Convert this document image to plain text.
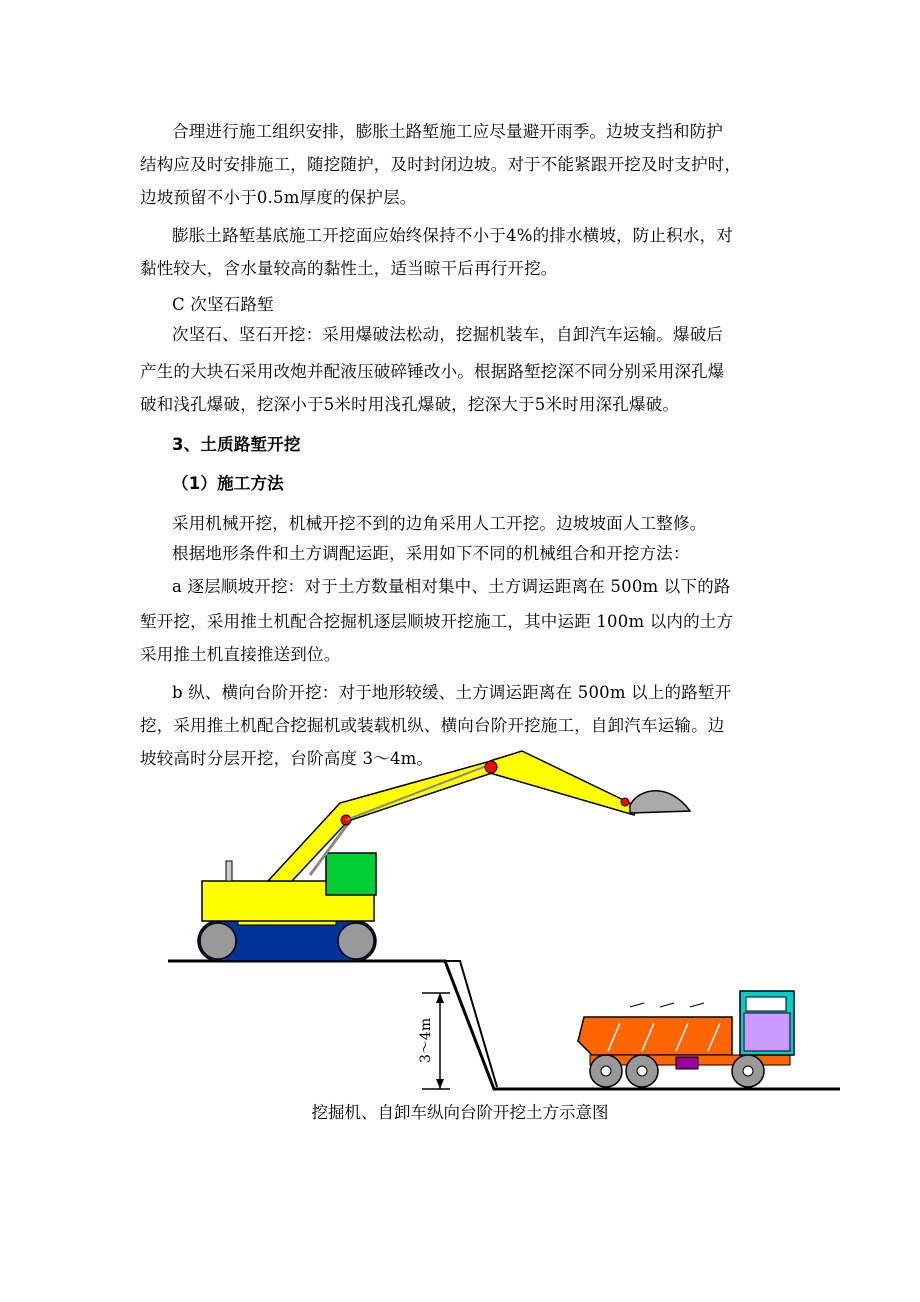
合理进行施工组织安排，膨胀土路堑施工应尽量避开雨季。边坡支挡和防护
结构应及时安排施工，随挖随护，及时封闭边坡。对于不能紧跟开挖及时支护时，
边坡预留不小于0.5m厚度的保护层。
膨胀土路堑基底施工开挖面应始终保持不小于4%的排水横坡，防止积水，对
黏性较大，含水量较高的黏性土，适当晾干后再行开挖。
C 次坚石路堑
次坚石、坚石开挖：采用爆破法松动，挖掘机装车，自卸汽车运输。爆破后
产生的大块石采用改炮并配液压破碎锤改小。根据路堑挖深不同分别采用深孔爆
破和浅孔爆破，挖深小于5米时用浅孔爆破，挖深大于5米时用深孔爆破。
3、土质路堑开挖
（1）施工方法
采用机械开挖，机械开挖不到的边角采用人工开挖。边坡坡面人工整修。
根据地形条件和土方调配运距，采用如下不同的机械组合和开挖方法：
a 逐层顺坡开挖：对于土方数量相对集中、土方调运距离在 500m 以下的路
堑开挖，采用推土机配合挖掘机逐层顺坡开挖施工，其中运距 100m 以内的土方
采用推土机直接推送到位。
b 纵、横向台阶开挖：对于地形较缓、土方调运距离在 500m 以上的路堑开
挖，采用推土机配合挖掘机或装载机纵、横向台阶开挖施工，自卸汽车运输。边
坡较高时分层开挖，台阶高度 3～4m。
3～4m
挖掘机、自卸车纵向台阶开挖土方示意图
